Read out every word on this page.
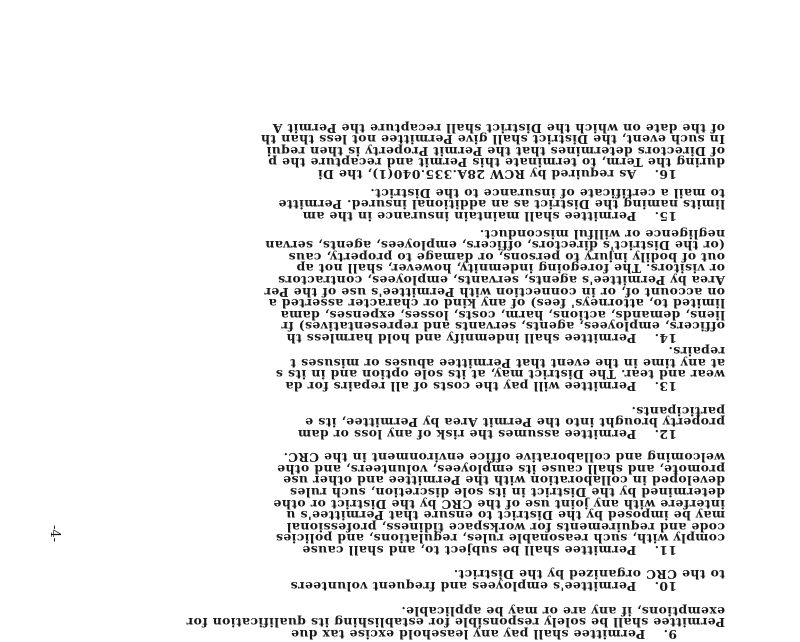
9.Permittee shall pay any leasehold excise tax due
Permittee shall be solely responsible for establishing its qualification for
exemptions, if any are or may be applicable.
10.Permittee's employees and frequent volunteers
to the CRC organized by the District.
11.Permittee shall be subject to, and shall cause
comply with, such reasonable rules, regulations, and policies
code and requirements for workspace tidiness, professional
may be imposed by the District to ensure that Permittee's u
interfere with any joint use of the CRC by the District or othe
determined by the District in its sole discretion, such rules
developed in collaboration with the Permittee and other use
promote, and shall cause its employees, volunteers, and othe
welcoming and collaborative office environment in the CRC.
12.Permittee assumes the risk of any loss or dam
property brought into the Permit Area by Permittee, its e
participants.
13.Permittee will pay the costs of all repairs for da
wear and tear. The District may, at its sole option and in its s
at any time in the event that Permittee abuses or misuses t
repairs.
14.Permittee shall indemnify and hold harmless th
officers, employees, agents, servants and representatives) fr
liens, demands, actions, harm, costs, losses, expenses, dama
limited to, attorneys' fees) of any kind or character asserted a
on account of, or in connection with Permittee's use of the Per
Area by Permittee's agents, servants, employees, contractors
or visitors. The foregoing indemnity, however, shall not ap
out of bodily injury to persons, or damage to property, caus
(or the District's directors, officers, employees, agents, servan
negligence or willful misconduct.
15.Permittee shall maintain insurance in the am
limits naming the District as an additional insured. Permitte
to mail a certificate of insurance to the District.
16.As required by RCW 28A.335.040(1), the Di
during the Term, to terminate this Permit and recapture the p
of Directors determines that the Permit Property is then requi
In such event, the District shall give Permittee not less than th
of the date on which the District shall recapture the Permit A
-4-
